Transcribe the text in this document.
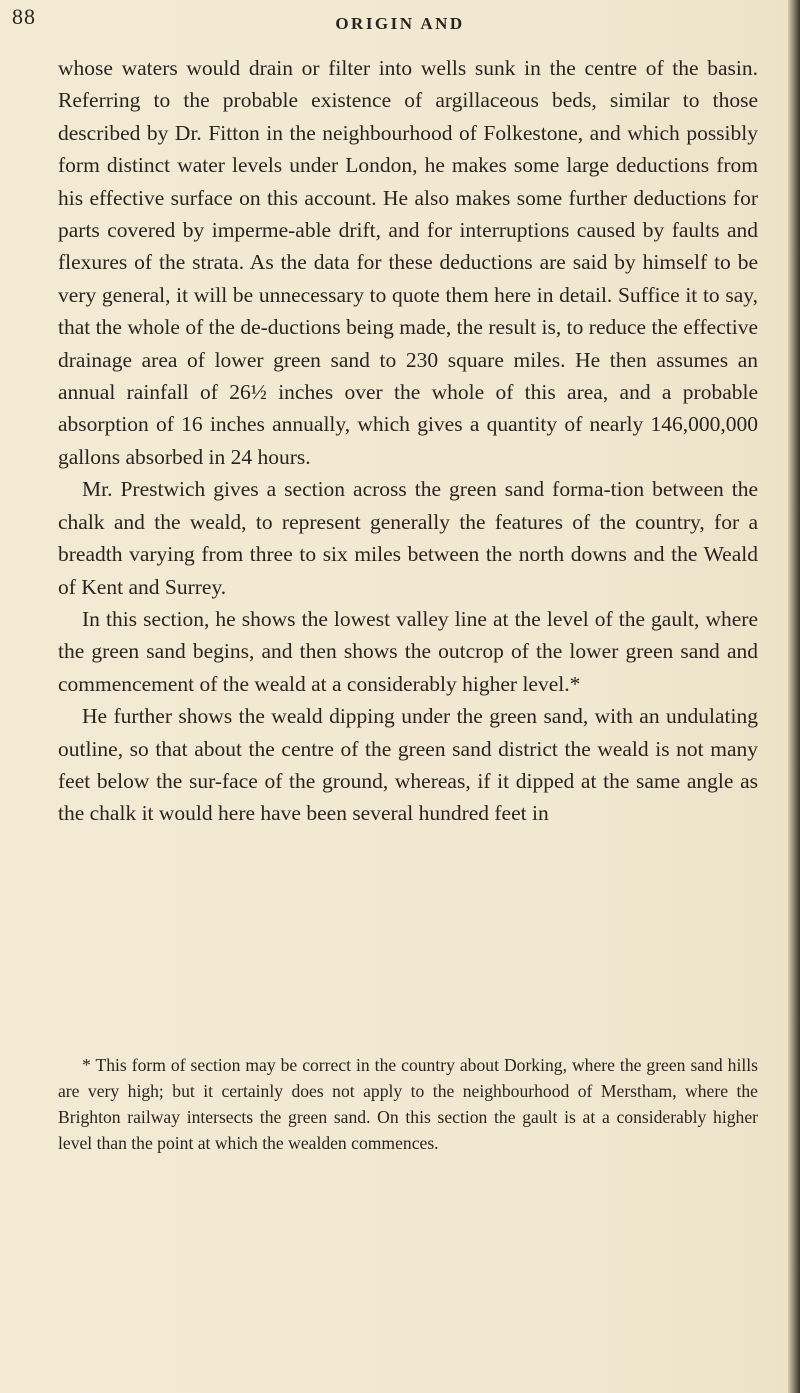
88	ORIGIN AND

whose waters would drain or filter into wells sunk in the centre of the basin. Referring to the probable existence of argillaceous beds, similar to those described by Dr. Fitton in the neighbourhood of Folkestone, and which possibly form distinct water levels under London, he makes some large deductions from his effective surface on this account. He also makes some further deductions for parts covered by imperme-able drift, and for interruptions caused by faults and flexures of the strata. As the data for these deductions are said by himself to be very general, it will be unnecessary to quote them here in detail. Suffice it to say, that the whole of the de-ductions being made, the result is, to reduce the effective drainage area of lower green sand to 230 square miles. He then assumes an annual rainfall of 26½ inches over the whole of this area, and a probable absorption of 16 inches annually, which gives a quantity of nearly 146,000,000 gallons absorbed in 24 hours.

Mr. Prestwich gives a section across the green sand forma-tion between the chalk and the weald, to represent generally the features of the country, for a breadth varying from three to six miles between the north downs and the Weald of Kent and Surrey.

In this section, he shows the lowest valley line at the level of the gault, where the green sand begins, and then shows the outcrop of the lower green sand and commencement of the weald at a considerably higher level.*

He further shows the weald dipping under the green sand, with an undulating outline, so that about the centre of the green sand district the weald is not many feet below the sur-face of the ground, whereas, if it dipped at the same angle as the chalk it would here have been several hundred feet in

* This form of section may be correct in the country about Dorking, where the green sand hills are very high; but it certainly does not apply to the neighbourhood of Merstham, where the Brighton railway intersects the green sand. On this section the gault is at a considerably higher level than the point at which the wealden commences.
